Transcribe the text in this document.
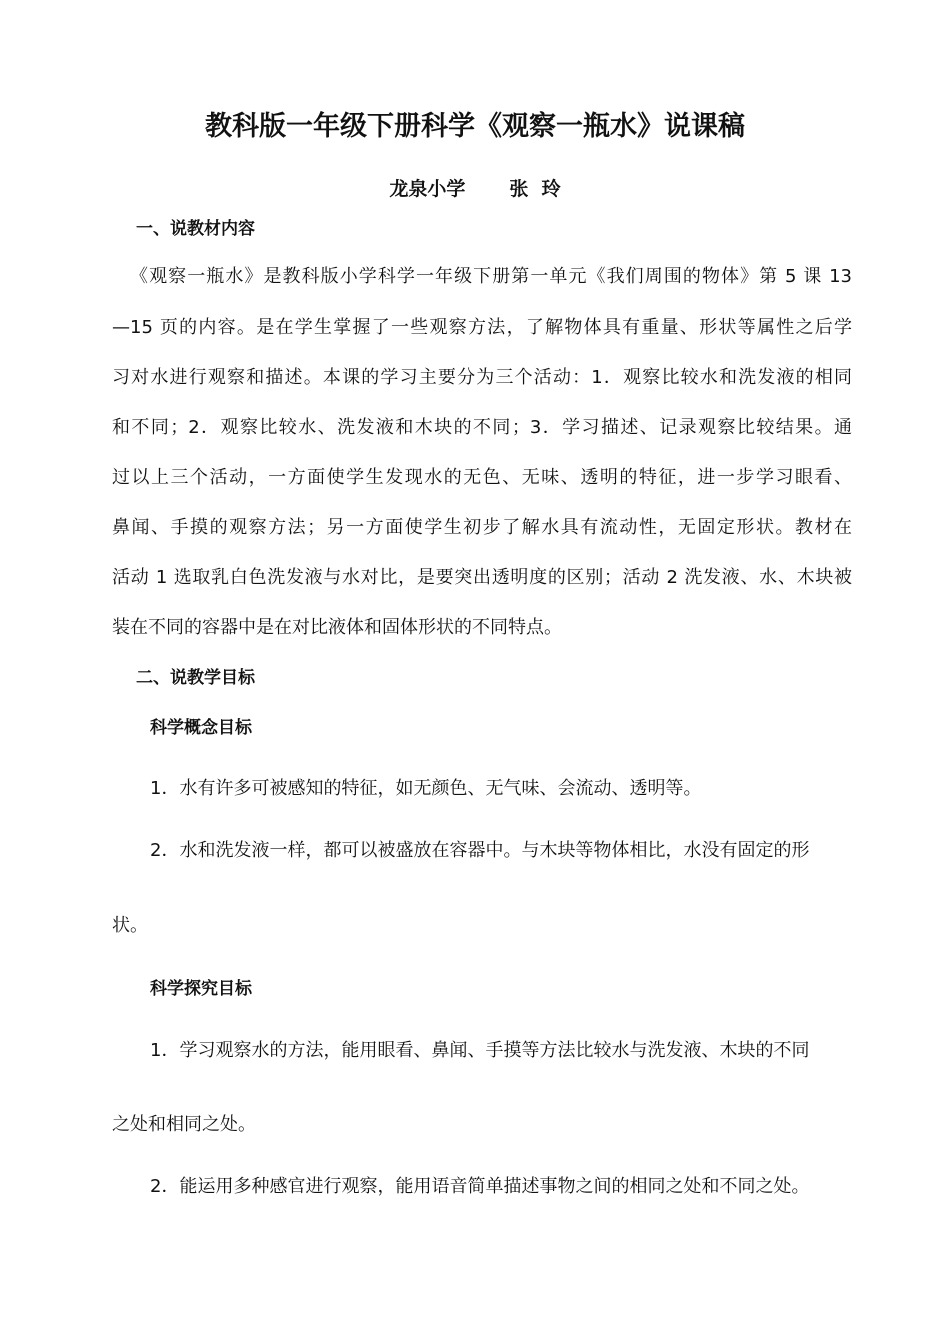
教科版一年级下册科学《观察一瓶水》说课稿
龙泉小学 张  玲
一、说教材内容
《观察一瓶水》是教科版小学科学一年级下册第一单元《我们周围的物体》第 5 课 13
—15 页的内容。是在学生掌握了一些观察方法，了解物体具有重量、形状等属性之后学
习对水进行观察和描述。本课的学习主要分为三个活动：1．观察比较水和洗发液的相同
和不同；2．观察比较水、洗发液和木块的不同；3．学习描述、记录观察比较结果。通
过以上三个活动，一方面使学生发现水的无色、无味、透明的特征，进一步学习眼看、
鼻闻、手摸的观察方法；另一方面使学生初步了解水具有流动性，无固定形状。教材在
活动 1 选取乳白色洗发液与水对比，是要突出透明度的区别；活动 2 洗发液、水、木块被
装在不同的容器中是在对比液体和固体形状的不同特点。
二、说教学目标
科学概念目标
1．水有许多可被感知的特征，如无颜色、无气味、会流动、透明等。
2．水和洗发液一样，都可以被盛放在容器中。与木块等物体相比，水没有固定的形
状。
科学探究目标
1．学习观察水的方法，能用眼看、鼻闻、手摸等方法比较水与洗发液、木块的不同
之处和相同之处。
2．能运用多种感官进行观察，能用语音简单描述事物之间的相同之处和不同之处。
